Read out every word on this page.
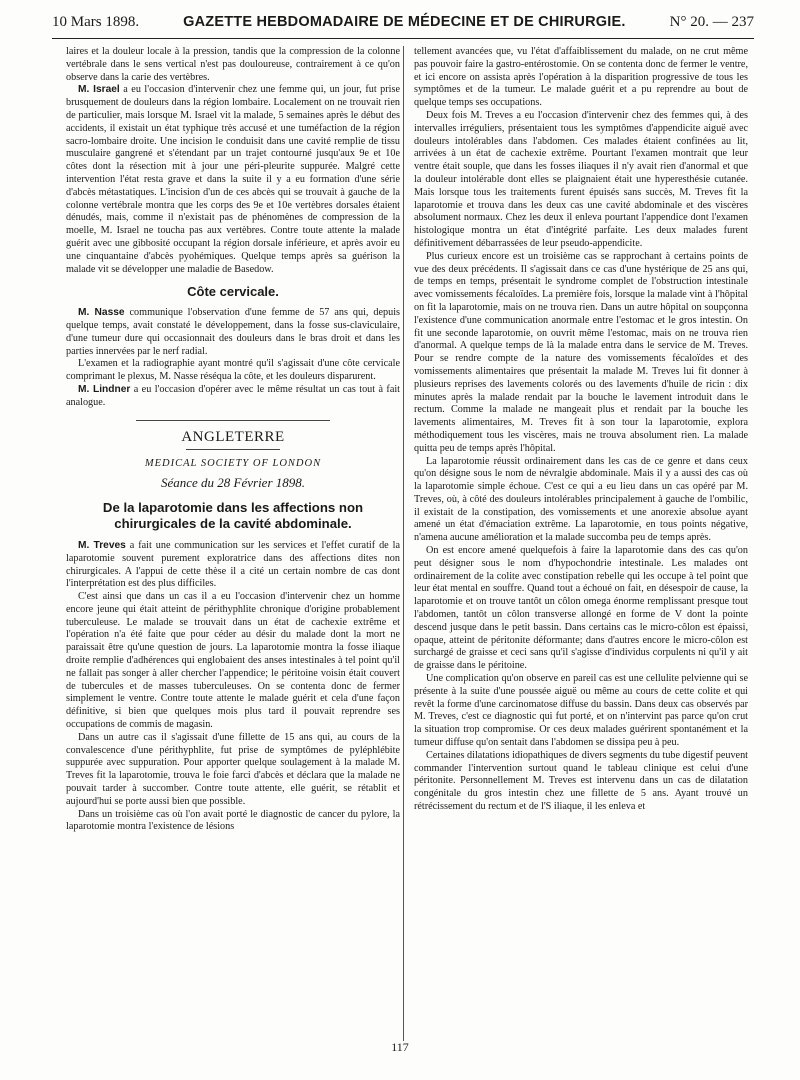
10 Mars 1898.	GAZETTE HEBDOMADAIRE DE MÉDECINE ET DE CHIRURGIE.	N° 20. — 237

laires et la douleur locale à la pression, tandis que la compression de la colonne vertébrale dans le sens vertical n'est pas douloureuse, contrairement à ce qu'on observe dans la carie des vertèbres.

M. Israel a eu l'occasion d'intervenir chez une femme qui, un jour, fut prise brusquement de douleurs dans la région lombaire. Localement on ne trouvait rien de particulier, mais lorsque M. Israel vit la malade, 5 semaines après le début des accidents, il existait un état typhique très accusé et une tuméfaction de la région sacro-lombaire droite. Une incision le conduisit dans une cavité remplie de tissu musculaire gangrené et s'étendant par un trajet contourné jusqu'aux 9e et 10e côtes dont la résection mit à jour une péri-pleurite suppurée. Malgré cette intervention l'état resta grave et dans la suite il y a eu formation d'une série d'abcès métastatiques. L'incision d'un de ces abcès qui se trouvait à gauche de la colonne vertébrale montra que les corps des 9e et 10e vertèbres dorsales étaient dénudés, mais, comme il n'existait pas de phénomènes de compression de la moelle, M. Israel ne toucha pas aux vertèbres. Contre toute attente la malade guérit avec une gibbosité occupant la région dorsale inférieure, et après avoir eu une cinquantaine d'abcès pyohémiques. Quelque temps après sa guérison la malade vit se développer une maladie de Basedow.

Côte cervicale.

M. Nasse communique l'observation d'une femme de 57 ans qui, depuis quelque temps, avait constaté le développement, dans la fosse sus-claviculaire, d'une tumeur dure qui occasionnait des douleurs dans le bras droit et dans les parties innervées par le nerf radial.

L'examen et la radiographie ayant montré qu'il s'agissait d'une côte cervicale comprimant le plexus, M. Nasse réséqua la côte, et les douleurs disparurent.

M. Lindner a eu l'occasion d'opérer avec le même résultat un cas tout à fait analogue.

ANGLETERRE
MEDICAL SOCIETY OF LONDON
Séance du 28 Février 1898.
De la laparotomie dans les affections non chirurgicales de la cavité abdominale.

M. Treves a fait une communication sur les services et l'effet curatif de la laparotomie souvent purement exploratrice dans des affections dites non chirurgicales. A l'appui de cette thèse il a cité un certain nombre de cas dont l'interprétation est des plus difficiles.

C'est ainsi que dans un cas il a eu l'occasion d'intervenir chez un homme encore jeune qui était atteint de périthyphlite chronique d'origine probablement tuberculeuse. Le malade se trouvait dans un état de cachexie extrême et l'opération n'a été faite que pour céder au désir du malade dont la mort ne paraissait être qu'une question de jours. La laparotomie montra la fosse iliaque droite remplie d'adhérences qui englobaient des anses intestinales à tel point qu'il ne fallait pas songer à aller chercher l'appendice; le péritoine voisin était couvert de tubercules et de masses tuberculeuses. On se contenta donc de fermer simplement le ventre. Contre toute attente le malade guérit et cela d'une façon définitive, si bien que quelques mois plus tard il pouvait reprendre ses occupations de commis de magasin.

Dans un autre cas il s'agissait d'une fillette de 15 ans qui, au cours de la convalescence d'une périthyphlite, fut prise de symptômes de pyléphlébite suppurée avec suppuration. Pour apporter quelque soulagement à la malade M. Treves fit la laparotomie, trouva le foie farci d'abcès et déclara que la malade ne pouvait tarder à succomber. Contre toute attente, elle guérit, se rétablit et aujourd'hui se porte aussi bien que possible.

Dans un troisième cas où l'on avait porté le diagnostic de cancer du pylore, la laparotomie montra l'existence de lésions

tellement avancées que, vu l'état d'affaiblissement du malade, on ne crut même pas pouvoir faire la gastro-entérostomie. On se contenta donc de fermer le ventre, et ici encore on assista après l'opération à la disparition progressive de tous les symptômes et de la tumeur. Le malade guérit et a pu reprendre au bout de quelque temps ses occupations.

Deux fois M. Treves a eu l'occasion d'intervenir chez des femmes qui, à des intervalles irréguliers, présentaient tous les symptômes d'appendicite aiguë avec douleurs intolérables dans l'abdomen. Ces malades étaient confinées au lit, arrivées à un état de cachexie extrême. Pourtant l'examen montrait que leur ventre était souple, que dans les fosses iliaques il n'y avait rien d'anormal et que la douleur intolérable dont elles se plaignaient était une hyperesthésie cutanée. Mais lorsque tous les traitements furent épuisés sans succès, M. Treves fit la laparotomie et trouva dans les deux cas une cavité abdominale et des viscères absolument normaux. Chez les deux il enleva pourtant l'appendice dont l'examen histologique montra un état d'intégrité parfaite. Les deux malades furent définitivement débarrassées de leur pseudo-appendicite.

Plus curieux encore est un troisième cas se rapprochant à certains points de vue des deux précédents. Il s'agissait dans ce cas d'une hystérique de 25 ans qui, de temps en temps, présentait le syndrome complet de l'obstruction intestinale avec vomissements fécaloïdes. La première fois, lorsque la malade vint à l'hôpital on fit la laparotomie, mais on ne trouva rien. Dans un autre hôpital on soupçonna l'existence d'une communication anormale entre l'estomac et le gros intestin. On fit une seconde laparotomie, on ouvrit même l'estomac, mais on ne trouva rien d'anormal. A quelque temps de là la malade entra dans le service de M. Treves. Pour se rendre compte de la nature des vomissements fécaloïdes et des vomissements alimentaires que présentait la malade M. Treves lui fit donner à plusieurs reprises des lavements colorés ou des lavements d'huile de ricin : dix minutes après la malade rendait par la bouche le lavement introduit dans le rectum. Comme la malade ne mangeait plus et rendait par la bouche les lavements alimentaires, M. Treves fit à son tour la laparotomie, explora méthodiquement tous les viscères, mais ne trouva absolument rien. La malade quitta peu de temps après l'hôpital.

La laparotomie réussit ordinairement dans les cas de ce genre et dans ceux qu'on désigne sous le nom de névralgie abdominale. Mais il y a aussi des cas où la laparotomie simple échoue. C'est ce qui a eu lieu dans un cas opéré par M. Treves, où, à côté des douleurs intolérables principalement à gauche de l'ombilic, il existait de la constipation, des vomissements et une anorexie absolue ayant amené un état d'émaciation extrême. La laparotomie, en tous points négative, n'amena aucune amélioration et la malade succomba peu de temps après.

On est encore amené quelquefois à faire la laparotomie dans des cas qu'on peut désigner sous le nom d'hypochondrie intestinale. Les malades ont ordinairement de la colite avec constipation rebelle qui les occupe à tel point que leur état mental en souffre. Quand tout a échoué on fait, en désespoir de cause, la laparotomie et on trouve tantôt un côlon omega énorme remplissant presque tout l'abdomen, tantôt un côlon transverse allongé en forme de V dont la pointe descend jusque dans le petit bassin. Dans certains cas le micro-côlon est épaissi, opaque, atteint de péritonite déformante; dans d'autres encore le micro-côlon est surchargé de graisse et ceci sans qu'il s'agisse d'individus corpulents ni qu'il y ait de graisse dans le péritoine.

Une complication qu'on observe en pareil cas est une cellulite pelvienne qui se présente à la suite d'une poussée aiguë ou même au cours de cette colite et qui revêt la forme d'une carcinomatose diffuse du bassin. Dans deux cas observés par M. Treves, c'est ce diagnostic qui fut porté, et on n'intervint pas parce qu'on crut la situation trop compromise. Or ces deux malades guérirent spontanément et la tumeur diffuse qu'on sentait dans l'abdomen se dissipa peu à peu.

Certaines dilatations idiopathiques de divers segments du tube digestif peuvent commander l'intervention surtout quand le tableau clinique est celui d'une péritonite. Personnellement M. Treves est intervenu dans un cas de dilatation congénitale du gros intestin chez une fillette de 5 ans. Ayant trouvé un rétrécissement du rectum et de l'S iliaque, il les enleva et

117
